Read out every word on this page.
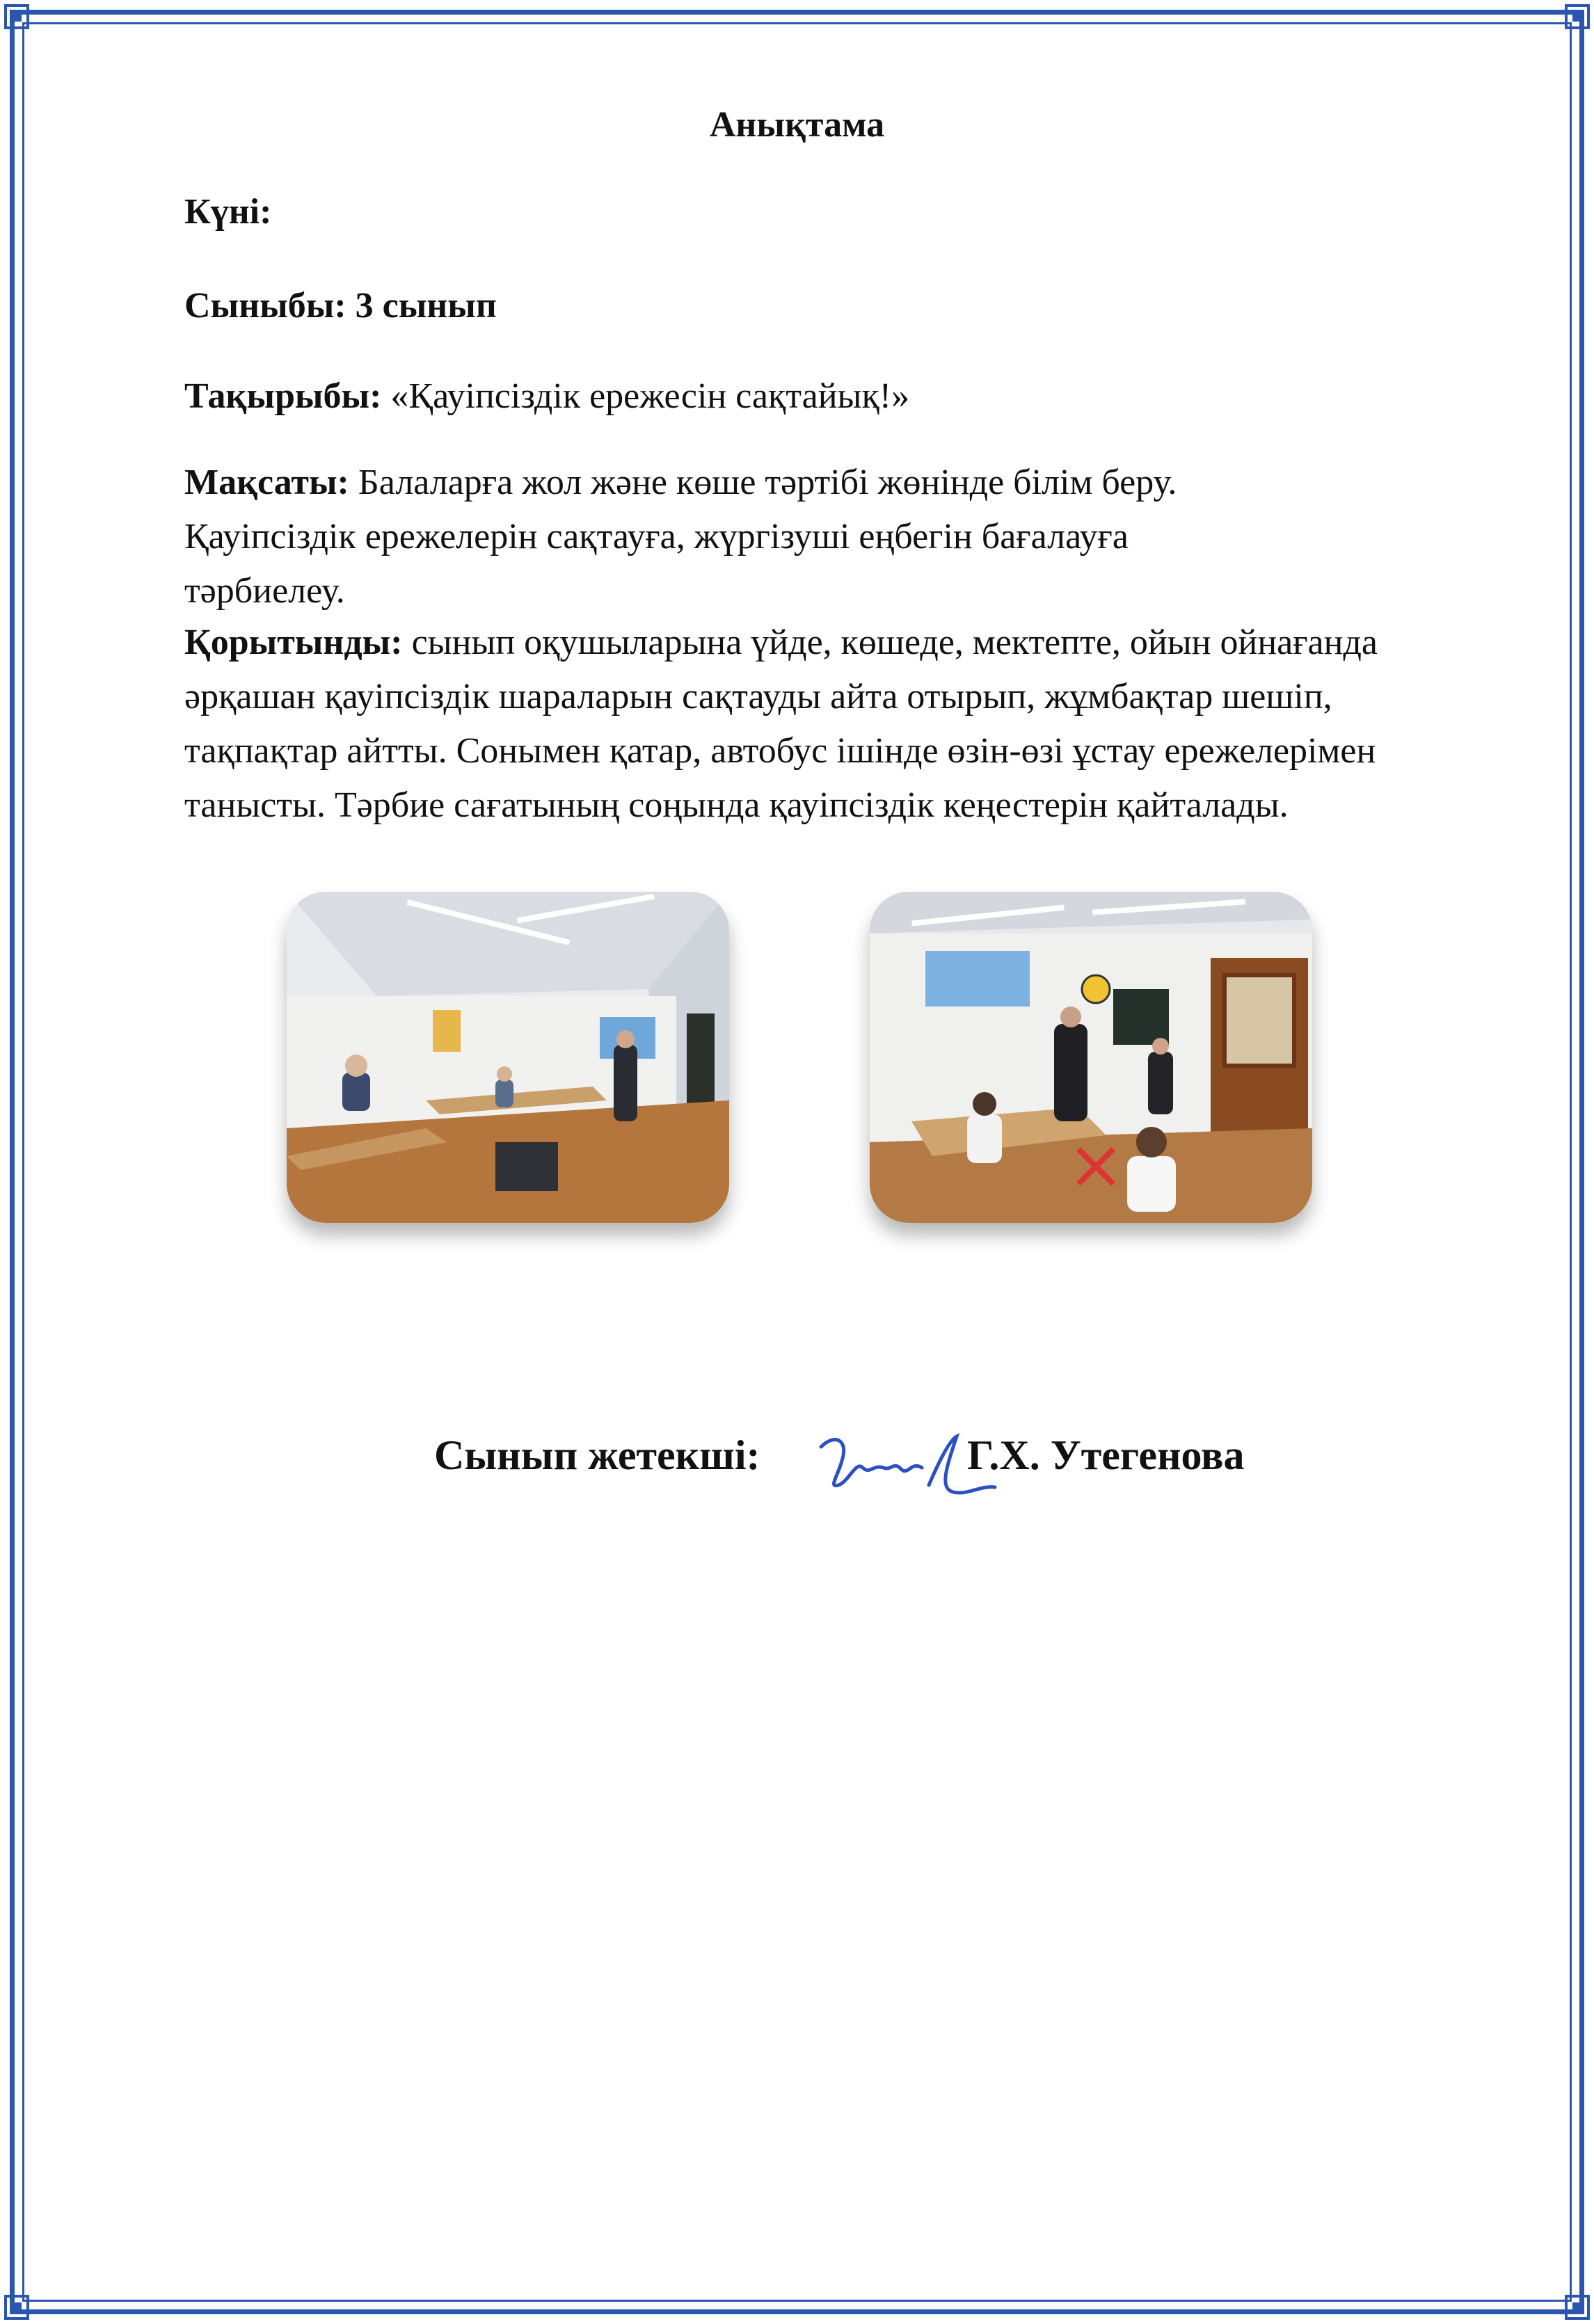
Анықтама
Күні:
Сыныбы: 3 сынып
Тақырыбы: «Қауіпсіздік ережесін сақтайық!»

Мақсаты: Балаларға жол және көше тәртібі жөнінде білім беру.

Қауіпсіздік ережелерін сақтауға, жүргізуші еңбегін бағалауға

тәрбиелеу.

Қорытынды: сынып оқушыларына үйде, көшеде, мектепте, ойын ойнағанда

әрқашан қауіпсіздік шараларын сақтауды айта отырып, жұмбақтар шешіп,

тақпақтар айтты. Сонымен қатар, автобус ішінде өзін-өзі ұстау ережелерімен

танысты. Тәрбие сағатының соңында қауіпсіздік кеңестерін қайталады.

Сынып жетекші:	Г.Х. Утегенова
